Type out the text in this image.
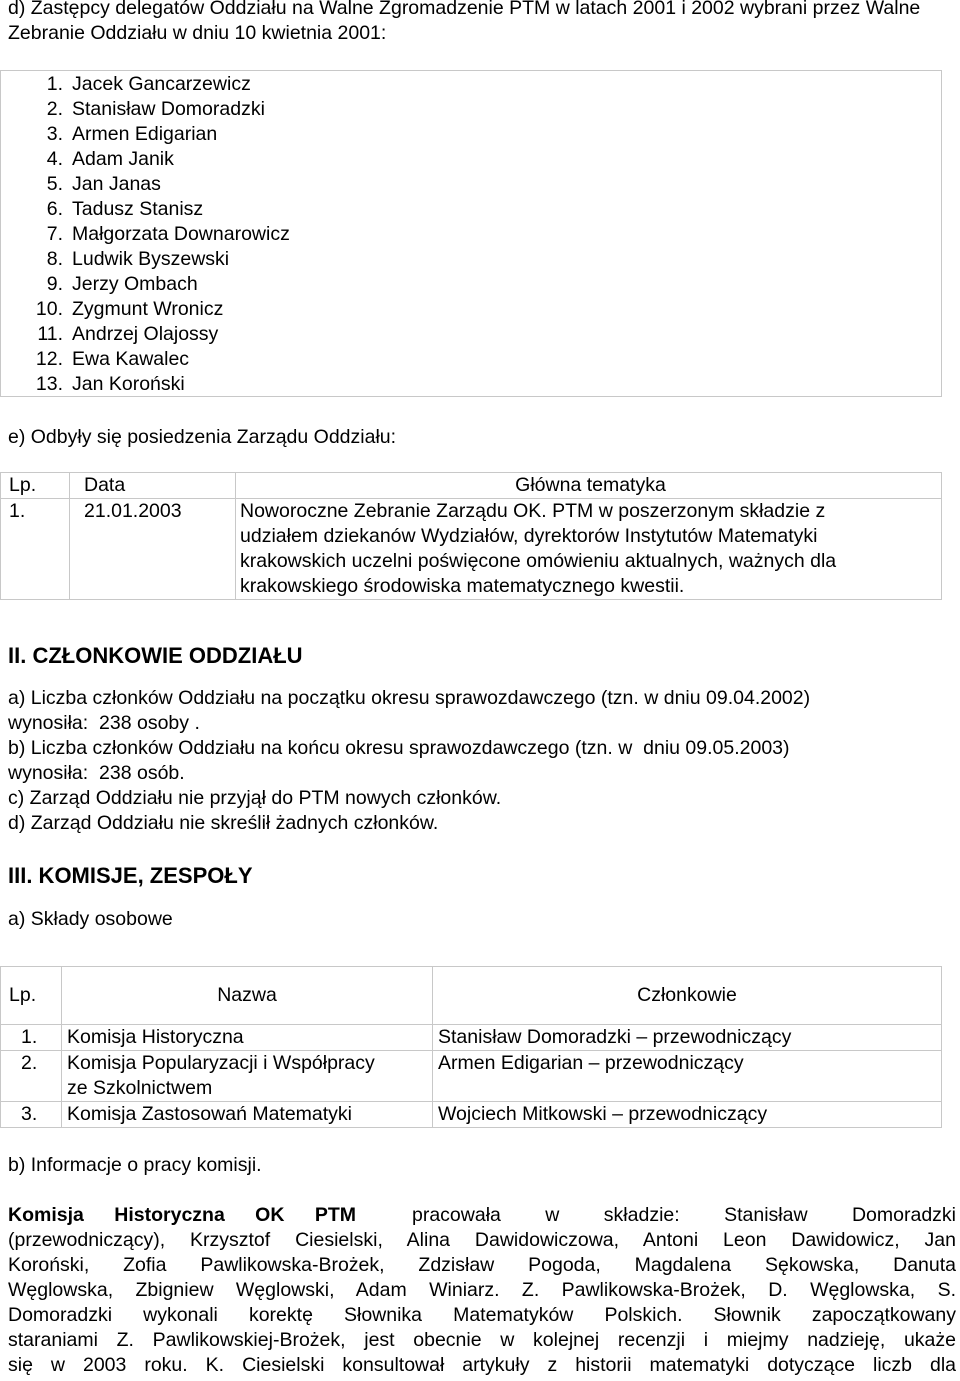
d) Zastępcy delegatów Oddziału na Walne Zgromadzenie PTM w latach 2001 i 2002 wybrani przez Walne Zebranie Oddziału w dniu 10 kwietnia 2001:

1. Jacek Gancarzewicz
2. Stanisław Domoradzki
3. Armen Edigarian
4. Adam Janik
5. Jan Janas
6. Tadusz Stanisz
7. Małgorzata Downarowicz
8. Ludwik Byszewski
9. Jerzy Ombach
10. Zygmunt Wronicz
11. Andrzej Olajossy
12. Ewa Kawalec
13. Jan Koroński

e) Odbyły się posiedzenia Zarządu Oddziału:

Lp.	Data	Główna tematyka
1.	21.01.2003	Noworoczne Zebranie Zarządu OK. PTM w poszerzonym składzie z
udziałem dziekanów Wydziałów, dyrektorów Instytutów Matematyki
krakowskich uczelni poświęcone omówieniu aktualnych, ważnych dla
krakowskiego środowiska matematycznego kwestii.

II. CZŁONKOWIE ODDZIAŁU

a) Liczba członków Oddziału na początku okresu sprawozdawczego (tzn. w dniu 09.04.2002)
wynosiła:  238 osoby .
b) Liczba członków Oddziału na końcu okresu sprawozdawczego (tzn. w  dniu 09.05.2003)
wynosiła:  238 osób.
c) Zarząd Oddziału nie przyjął do PTM nowych członków.
d) Zarząd Oddziału nie skreślił żadnych członków.

III. KOMISJE, ZESPOŁY

a) Składy osobowe

Lp.	Nazwa	Członkowie
1.	Komisja Historyczna	Stanisław Domoradzki – przewodniczący
2.	Komisja Popularyzacji i Współpracy
ze Szkolnictwem	Armen Edigarian – przewodniczący
3.	Komisja Zastosowań Matematyki	Wojciech Mitkowski – przewodniczący

b) Informacje o pracy komisji.

Komisja Historyczna OK PTM	pracowała w składzie: Stanisław Domoradzki
(przewodniczący), Krzysztof Ciesielski, Alina Dawidowiczowa, Antoni Leon Dawidowicz, Jan
Koroński, Zofia Pawlikowska-Brożek, Zdzisław Pogoda, Magdalena Sękowska, Danuta
Węglowska, Zbigniew Węglowski, Adam Winiarz. Z. Pawlikowska-Brożek, D. Węglowska, S.
Domoradzki wykonali korektę Słownika Matematyków Polskich. Słownik zapoczątkowany
staraniami Z. Pawlikowskiej-Brożek, jest obecnie w kolejnej recenzji i miejmy nadzieję, ukaże
się w 2003 roku. K. Ciesielski konsultował artykuły z historii matematyki dotyczące liczb dla
